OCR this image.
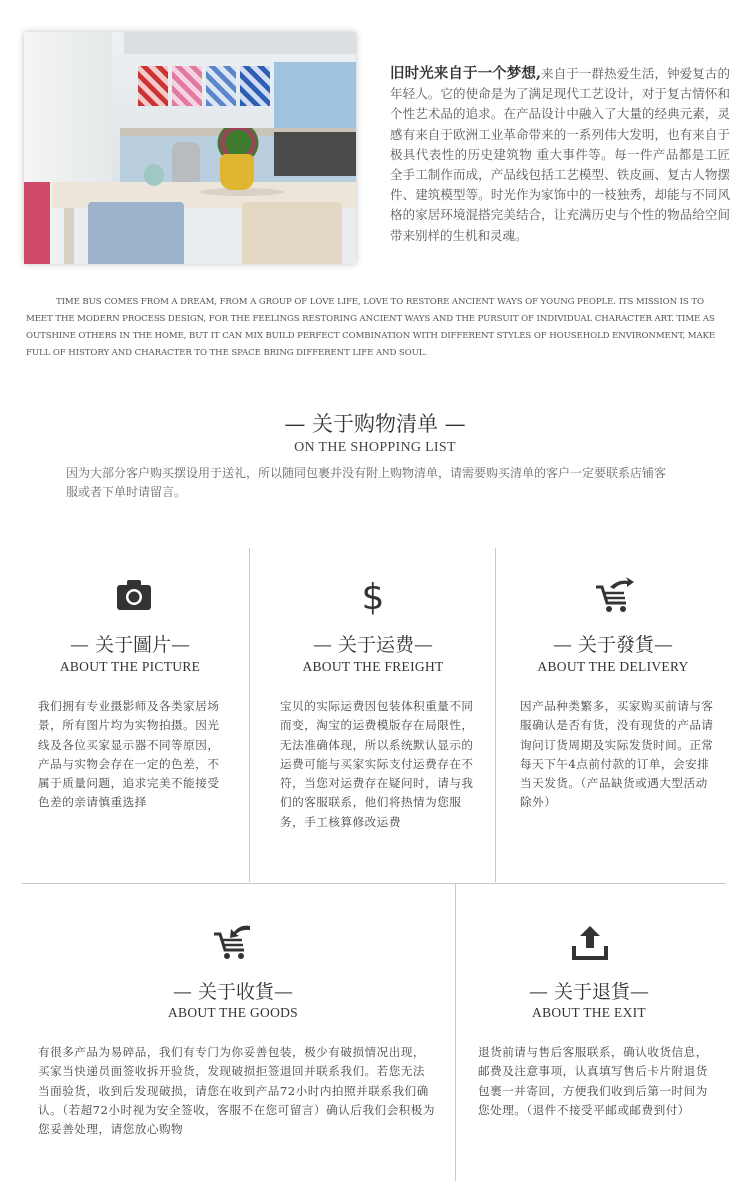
旧时光来自于一个梦想,来自于一群热爱生活，钟爱复古的年轻人。它的使命是为了满足现代工艺设计，对于复古情怀和个性艺术品的追求。在产品设计中融入了大量的经典元素，灵感有来自于欧洲工业革命带来的一系列伟大发明，也有来自于极具代表性的历史建筑物 重大事件等。每一件产品都是工匠全手工制作而成，产品线包括工艺模型、铁皮画、复古人物摆件、建筑模型等。时光作为家饰中的一枝独秀，却能与不同风格的家居环境混搭完美结合，让充满历史与个性的物品给空间带来别样的生机和灵魂。
TIME BUS COMES FROM A DREAM, FROM A GROUP OF LOVE LIFE, LOVE TO RESTORE ANCIENT WAYS OF YOUNG PEOPLE. ITS MISSION IS TO MEET THE MODERN PROCESS DESIGN, FOR THE FEELINGS RESTORING ANCIENT WAYS AND THE PURSUIT OF INDIVIDUAL CHARACTER ART. TIME AS OUTSHINE OTHERS IN THE HOME, BUT IT CAN MIX BUILD PERFECT COMBINATION WITH DIFFERENT STYLES OF HOUSEHOLD ENVIRONMENT, MAKE FULL OF HISTORY AND CHARACTER TO THE SPACE BRING DIFFERENT LIFE AND SOUL.
— 关于购物清单 —
ON THE SHOPPING LIST
因为大部分客户购买摆设用于送礼，所以随同包裹并没有附上购物清单，请需要购买清单的客户一定要联系店铺客服或者下单时请留言。
— 关于圖片—
ABOUT THE PICTURE
我们拥有专业摄影师及各类家居场景，所有图片均为实物拍摄。因光线及各位买家显示器不同等原因，产品与实物会存在一定的色差，不属于质量问题，追求完美不能接受色差的亲请慎重选择
$
— 关于运费—
ABOUT THE FREIGHT
宝贝的实际运费因包装体积重量不同而变，淘宝的运费模版存在局限性，无法准确体现，所以系统默认显示的运费可能与买家实际支付运费存在不符，当您对运费存在疑问时，请与我们的客服联系，他们将热情为您服务，手工核算修改运费
— 关于發貨—
ABOUT THE DELIVERY
因产品种类繁多，买家购买前请与客服确认是否有货，没有现货的产品请询问订货周期及实际发货时间。正常每天下午4点前付款的订单，会安排当天发货。（产品缺货或遇大型活动除外）
— 关于收貨—
ABOUT THE GOODS
有很多产品为易碎品，我们有专门为你妥善包装，极少有破损情况出现，买家当快递员面签收拆开验货，发现破损拒签退回并联系我们。若您无法当面验货，收到后发现破损，请您在收到产品72小时内拍照并联系我们确认。（若超72小时视为安全签收，客服不在您可留言）确认后我们会积极为您妥善处理，请您放心购物
— 关于退貨—
ABOUT THE EXIT
退货前请与售后客服联系，确认收货信息，邮费及注意事项，认真填写售后卡片附退货包裹一并寄回，方便我们收到后第一时间为您处理。（退件不接受平邮或邮费到付）
